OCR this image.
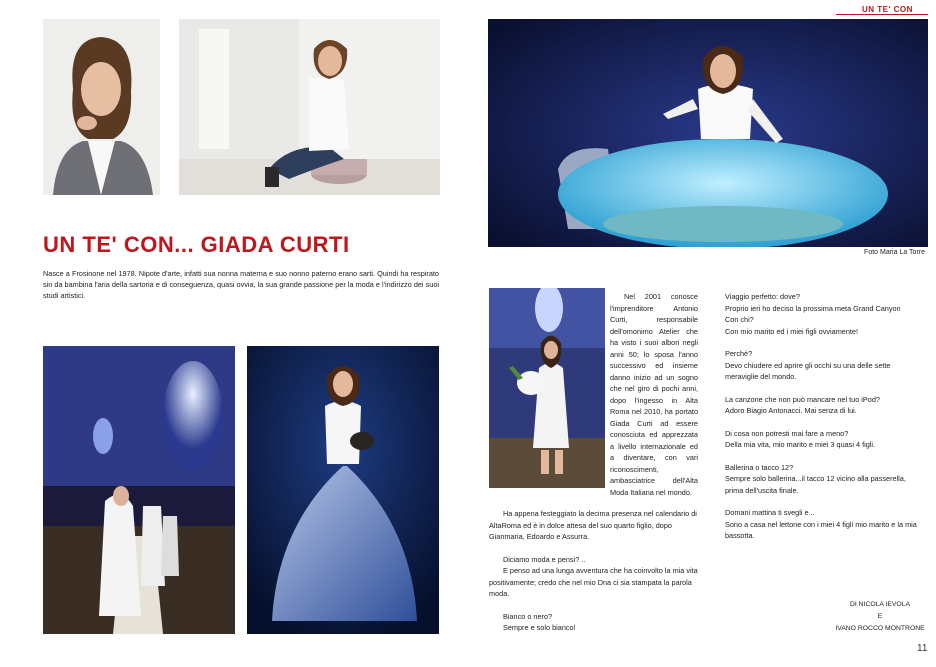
UN TE' CON
Foto Maria La Torre
UN TE' CON... GIADA CURTI
Nasce a Frosinone nel 1978. Nipote d'arte, infatti sua nonna materna e suo nonno paterno erano sarti. Quindi ha respirato sin da bambina l'aria della sartoria e di conseguenza, quasi ovvia, la sua grande passione per la moda e l'indirizzo dei suoi studi artistici.	Nel 2001 conosce l'imprenditore Antonio Curti, responsabile dell'omonimo Atelier che ha visto i suoi albori negli anni 50; lo sposa l'anno successivo ed insieme danno inizio ad un sogno che nel giro di pochi anni, dopo l'ingesso in Alta Roma nel 2010, ha portato Giada Curti ad essere conosciuta ed apprezzata a livello internazionale ed a diventare, con vari riconoscimenti, ambasciatrice dell'Alta Moda Italiana nel mondo.

Ha appena festeggiato la decima presenza nel calendario di AltaRoma ed è in dolce attesa del suo quarto figlio, dopo Gianmaria, Edoardo e Assurra.

Diciamo moda e pensi? ..

E penso ad una lunga avventura che ha coinvolto la mia vita positivamente; credo che nel mio Dna ci sia stampata la parola moda.

Bianco o nero?

Sempre e solo bianco!

Viaggio perfetto: dove?

Proprio ieri ho deciso la prossima meta Grand Canyon

Con chi?

Con mio marito ed i miei figli ovviamente!

Perché?

Devo chiudere ed aprire gli occhi su una delle sette meraviglie del mondo.

La canzone che non può mancare nel tuo iPod?

Adoro Biagio Antonacci. Mai senza di lui.

Di cosa non potresti mai fare a meno?

Della mia vita, mio marito e miei 3 quasi 4 figli.

Ballerina o tacco 12?

Sempre solo ballerina...il tacco 12 vicino alla passerella, prima dell'uscita finale.

Domani mattina ti svegli e...

Sono a casa nel lettone con i miei 4 figli mio marito e la mia bassotta.

DI NICOLA IEVOLA
E
IVANO ROCCO MONTRONE
11
